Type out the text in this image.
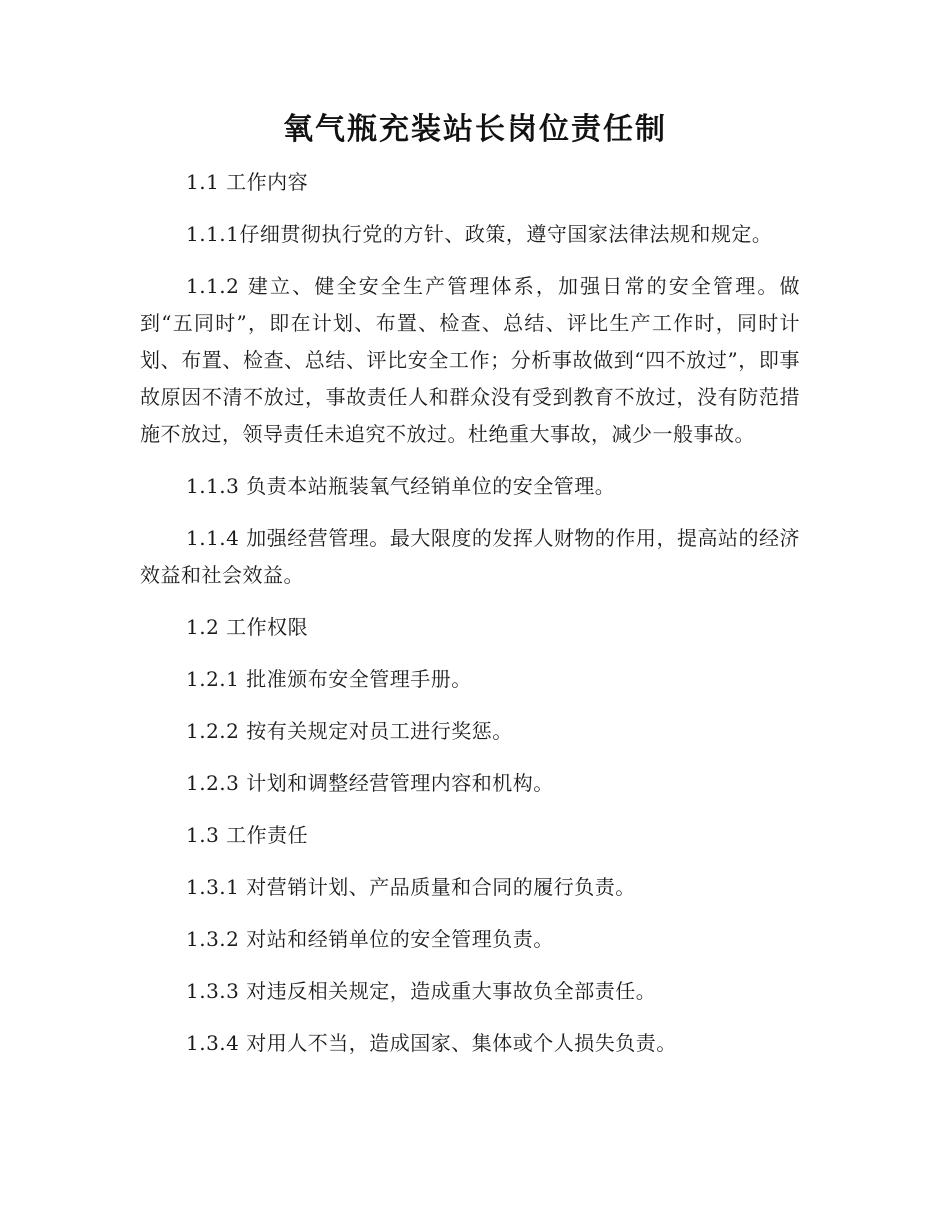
氧气瓶充装站长岗位责任制

1.1 工作内容

1.1.1仔细贯彻执行党的方针、政策，遵守国家法律法规和规定。

1.1.2 建立、健全安全生产管理体系，加强日常的安全管理。做到“五同时”，即在计划、布置、检查、总结、评比生产工作时，同时计划、布置、检查、总结、评比安全工作；分析事故做到“四不放过”，即事故原因不清不放过，事故责任人和群众没有受到教育不放过，没有防范措施不放过，领导责任未追究不放过。杜绝重大事故，减少一般事故。

1.1.3 负责本站瓶装氧气经销单位的安全管理。

1.1.4 加强经营管理。最大限度的发挥人财物的作用，提高站的经济效益和社会效益。

1.2 工作权限

1.2.1 批准颁布安全管理手册。

1.2.2 按有关规定对员工进行奖惩。

1.2.3 计划和调整经营管理内容和机构。

1.3 工作责任

1.3.1 对营销计划、产品质量和合同的履行负责。

1.3.2 对站和经销单位的安全管理负责。

1.3.3 对违反相关规定，造成重大事故负全部责任。

1.3.4 对用人不当，造成国家、集体或个人损失负责。
